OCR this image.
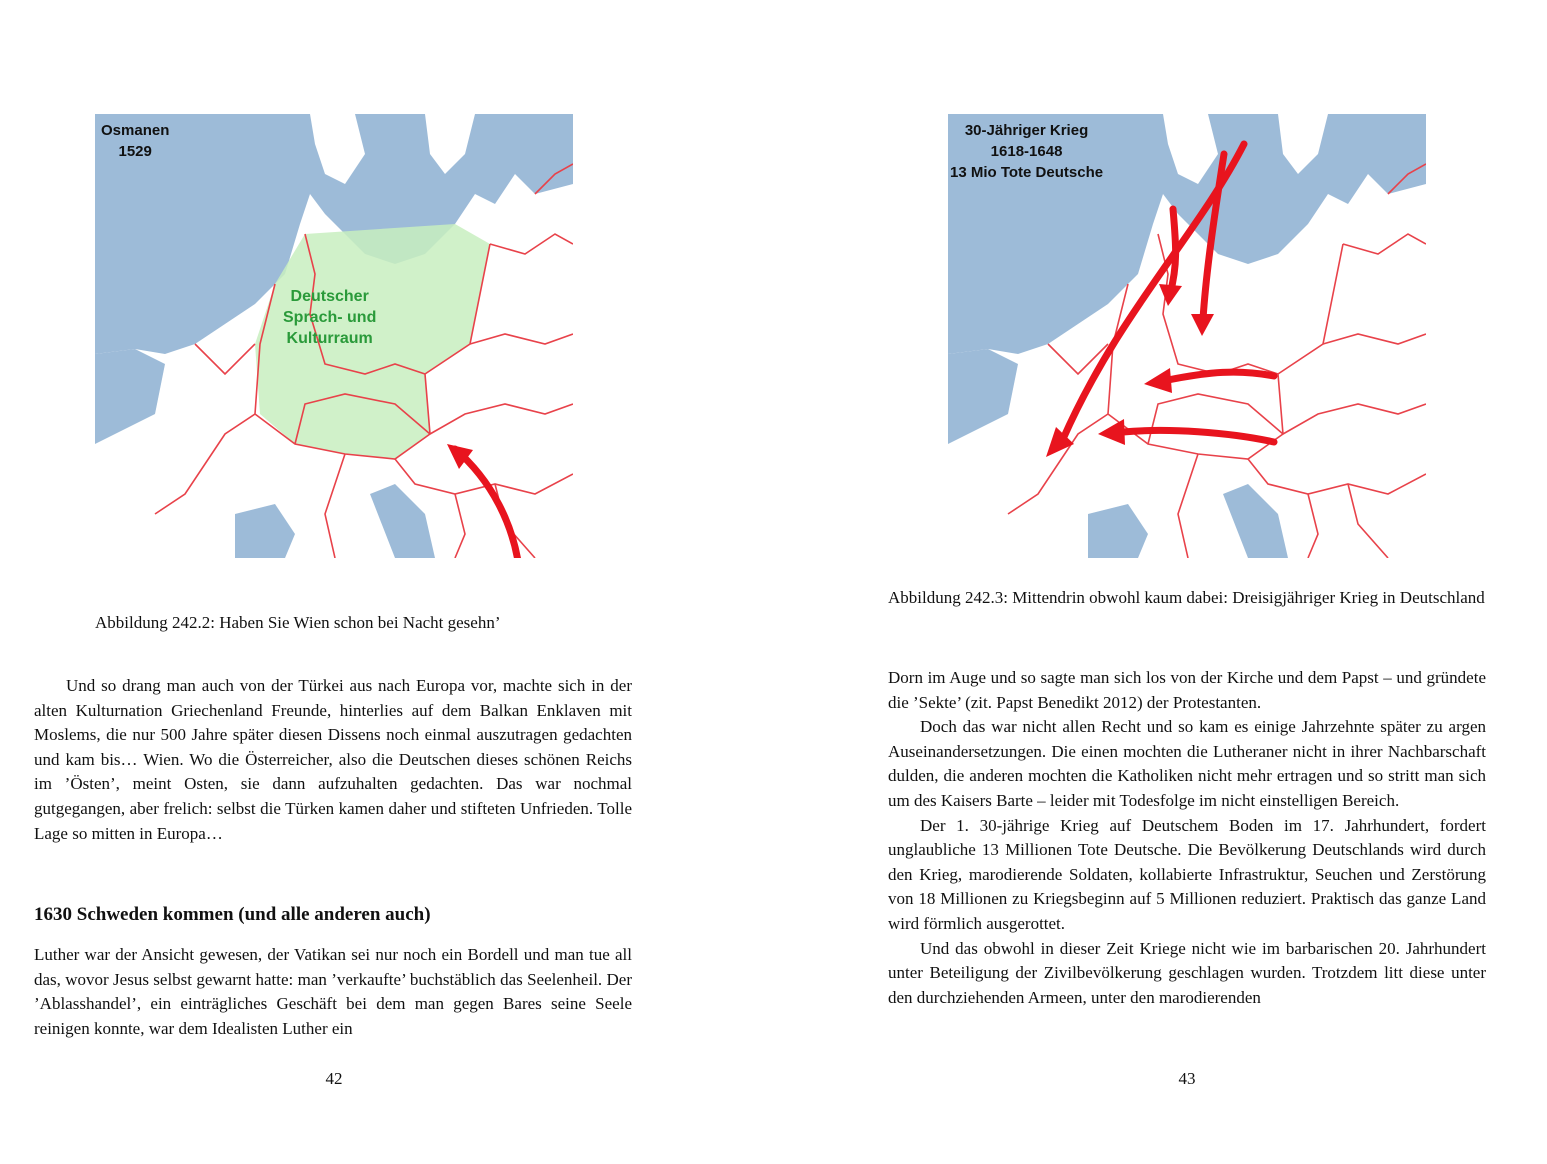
Osmanen
1529
Deutscher
Sprach- und
Kulturraum
Abbildung 242.2: Haben Sie Wien schon bei Nacht gesehn’

Und so drang man auch von der Türkei aus nach Europa vor, machte sich in der alten Kulturnation Griechenland Freunde, hinterlies auf dem Balkan Enklaven mit Moslems, die nur 500 Jahre später diesen Dissens noch einmal auszutragen gedachten und kam bis… Wien. Wo die Österreicher, also die Deutschen dieses schönen Reichs im ’Östen’, meint Osten, sie dann aufzuhalten gedachten. Das war nochmal gutgegangen, aber frelich: selbst die Türken kamen daher und stifteten Unfrieden. Tolle Lage so mitten in Europa…

1630 Schweden kommen (und alle anderen auch)

Luther war der Ansicht gewesen, der Vatikan sei nur noch ein Bordell und man tue all das, wovor Jesus selbst gewarnt hatte: man ’verkaufte’ buchstäblich das Seelenheil. Der ’Ablasshandel’, ein einträgliches Geschäft bei dem man gegen Bares seine Seele reinigen konnte, war dem Idealisten Luther ein

42
30-Jähriger Krieg
1618-1648
13 Mio Tote Deutsche
Abbildung 242.3: Mittendrin obwohl kaum dabei: Dreisigjähriger Krieg in Deutschland

Dorn im Auge und so sagte man sich los von der Kirche und dem Papst – und gründete die ’Sekte’ (zit. Papst Benedikt 2012) der Protestanten.

Doch das war nicht allen Recht und so kam es einige Jahrzehnte später zu argen Auseinandersetzungen. Die einen mochten die Lutheraner nicht in ihrer Nachbarschaft dulden, die anderen mochten die Katholiken nicht mehr ertragen und so stritt man sich um des Kaisers Barte – leider mit Todesfolge im nicht einstelligen Bereich.

Der 1. 30-jährige Krieg auf Deutschem Boden im 17. Jahrhundert, fordert unglaubliche 13 Millionen Tote Deutsche. Die Bevölkerung Deutschlands wird durch den Krieg, marodierende Soldaten, kollabierte Infrastruktur, Seuchen und Zerstörung von 18 Millionen zu Kriegsbeginn auf 5 Millionen reduziert. Praktisch das ganze Land wird förmlich ausgerottet.

Und das obwohl in dieser Zeit Kriege nicht wie im barbarischen 20. Jahrhundert unter Beteiligung der Zivilbevölkerung geschlagen wurden. Trotzdem litt diese unter den durchziehenden Armeen, unter den marodierenden

43
